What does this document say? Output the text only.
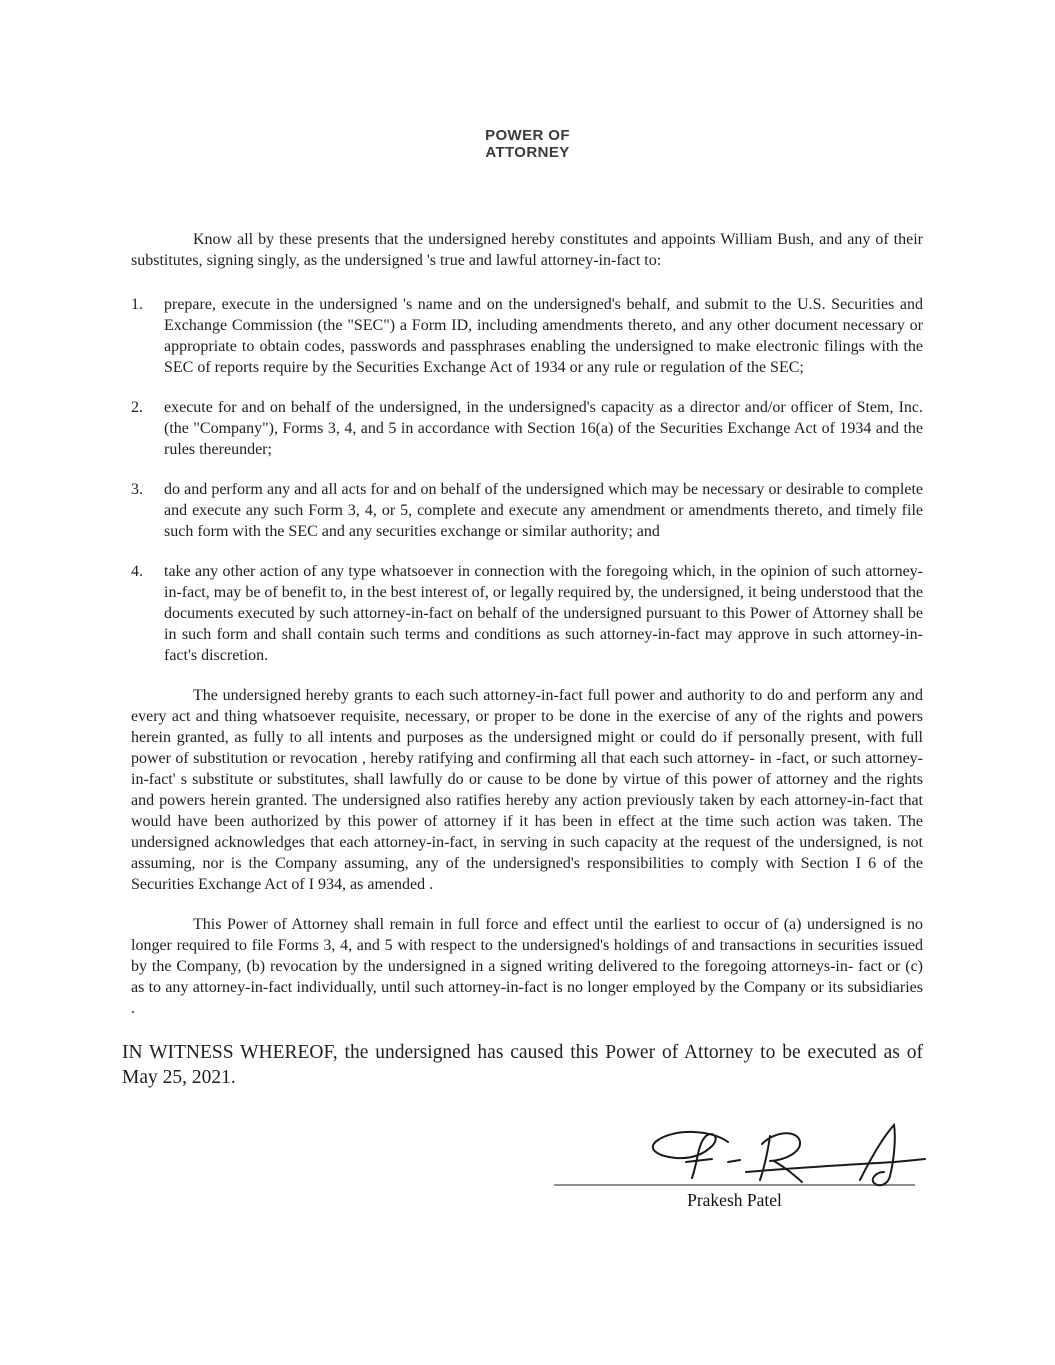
POWER OF
ATTORNEY

Know all by these presents that the undersigned hereby constitutes and appoints William Bush, and any of their substitutes, signing singly, as the undersigned 's true and lawful attorney-in-fact to:

1.	prepare, execute in the undersigned 's name and on the undersigned's behalf, and submit to the U.S. Securities and Exchange Commission (the "SEC") a Form ID, including amendments thereto, and any other document necessary or appropriate to obtain codes, passwords and passphrases enabling the undersigned to make electronic filings with the SEC of reports require by the Securities Exchange Act of 1934 or any rule or regulation of the SEC;
2.	execute for and on behalf of the undersigned, in the undersigned's capacity as a director and/or officer of Stem, Inc. (the "Company"), Forms 3, 4, and 5 in accordance with Section 16(a) of the Securities Exchange Act of 1934 and the rules thereunder;
3.	do and perform any and all acts for and on behalf of the undersigned which may be necessary or desirable to complete and execute any such Form 3, 4, or 5, complete and execute any amendment or amendments thereto, and timely file such form with the SEC and any securities exchange or similar authority; and
4.	take any other action of any type whatsoever in connection with the foregoing which, in the opinion of such attorney-in-fact, may be of benefit to, in the best interest of, or legally required by, the undersigned, it being understood that the documents executed by such attorney-in-fact on behalf of the undersigned pursuant to this Power of Attorney shall be in such form and shall contain such terms and conditions as such attorney-in-fact may approve in such attorney-in-fact's discretion.

The undersigned hereby grants to each such attorney-in-fact full power and authority to do and perform any and every act and thing whatsoever requisite, necessary, or proper to be done in the exercise of any of the rights and powers herein granted, as fully to all intents and purposes as the undersigned might or could do if personally present, with full power of substitution or revocation , hereby ratifying and confirming all that each such attorney- in -fact, or such attorney-in-fact' s substitute or substitutes, shall lawfully do or cause to be done by virtue of this power of attorney and the rights and powers herein granted. The undersigned also ratifies hereby any action previously taken by each attorney-in-fact that would have been authorized by this power of attorney if it has been in effect at the time such action was taken. The undersigned acknowledges that each attorney-in-fact, in serving in such capacity at the request of the undersigned, is not assuming, nor is the Company assuming, any of the undersigned's responsibilities to comply with Section I 6 of the Securities Exchange Act of I 934, as amended .

This Power of Attorney shall remain in full force and effect until the earliest to occur of (a) undersigned is no longer required to file Forms 3, 4, and 5 with respect to the undersigned's holdings of and transactions in securities issued by the Company, (b) revocation by the undersigned in a signed writing delivered to the foregoing attorneys-in- fact or (c) as to any attorney-in-fact individually, until such attorney-in-fact is no longer employed by the Company or its subsidiaries .

IN WITNESS WHEREOF, the undersigned has caused this Power of Attorney to be executed as of May 25, 2021.

Prakesh Patel
